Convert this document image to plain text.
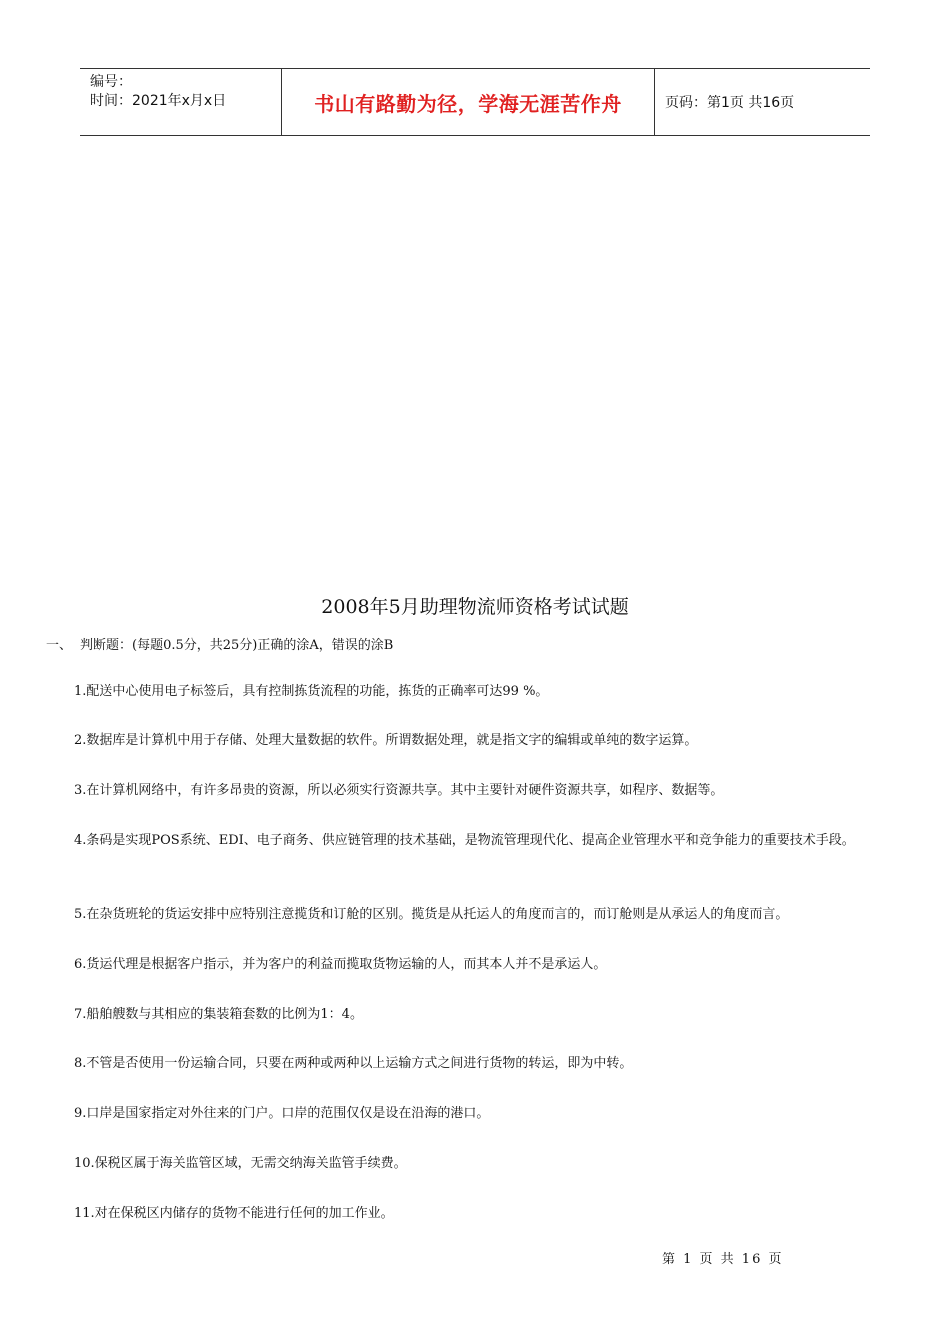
编号：
时间：2021年x月x日	书山有路勤为径，学海无涯苦作舟	页码：第1页 共16页
2008年5月助理物流师资格考试试题
一、 判断题：(每题0.5分，共25分)正确的涂A，错误的涂B
1.配送中心使用电子标签后，具有控制拣货流程的功能，拣货的正确率可达99 %。
2.数据库是计算机中用于存储、处理大量数据的软件。所谓数据处理，就是指文字的编辑或单纯的数字运算。
3.在计算机网络中，有许多昂贵的资源，所以必须实行资源共享。其中主要针对硬件资源共享，如程序、数据等。
4.条码是实现POS系统、EDI、电子商务、供应链管理的技术基础，是物流管理现代化、提高企业管理水平和竞争能力的重要技术手段。
5.在杂货班轮的货运安排中应特别注意揽货和订舱的区别。揽货是从托运人的角度而言的，而订舱则是从承运人的角度而言。
6.货运代理是根据客户指示，并为客户的利益而揽取货物运输的人，而其本人并不是承运人。
7.船舶艘数与其相应的集装箱套数的比例为1：4。
8.不管是否使用一份运输合同，只要在两种或两种以上运输方式之间进行货物的转运，即为中转。
9.口岸是国家指定对外往来的门户。口岸的范围仅仅是设在沿海的港口。
10.保税区属于海关监管区域，无需交纳海关监管手续费。
11.对在保税区内储存的货物不能进行任何的加工作业。
第 1 页 共 16 页
